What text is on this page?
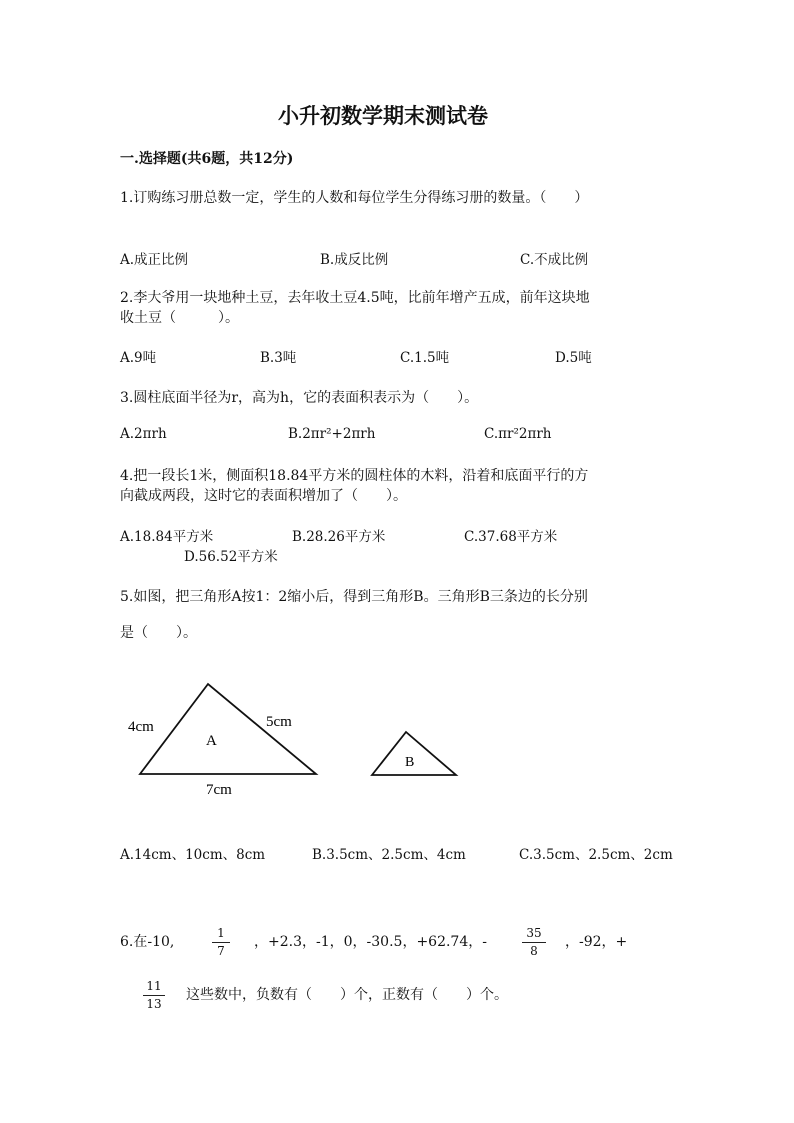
小升初数学期末测试卷
一.选择题(共6题，共12分)
1.订购练习册总数一定，学生的人数和每位学生分得练习册的数量。（　　）
A.成正比例	B.成反比例	C.不成比例
2.李大爷用一块地种土豆，去年收土豆4.5吨，比前年增产五成，前年这块地
收土豆（　　　）。
A.9吨	B.3吨	C.1.5吨	D.5吨
3.圆柱底面半径为r，高为h，它的表面积表示为（　　）。
A.2πrh	B.2πr²+2πrh	C.πr²2πrh
4.把一段长1米，侧面积18.84平方米的圆柱体的木料，沿着和底面平行的方
向截成两段，这时它的表面积增加了（　　）。
A.18.84平方米	B.28.26平方米	C.37.68平方米
D.56.52平方米
5.如图，把三角形A按1：2缩小后，得到三角形B。三角形B三条边的长分别
是（　　）。
A
4cm	5cm
7cm
B
A.14cm、10cm、8cm	B.3.5cm、2.5cm、4cm	C.3.5cm、2.5cm、2cm
6.在-10,
1
7
，+2.3，-1，0，-30.5，+62.74，-
35
8
，-92，+
11
13
这些数中，负数有（　　）个，正数有（　　）个。
